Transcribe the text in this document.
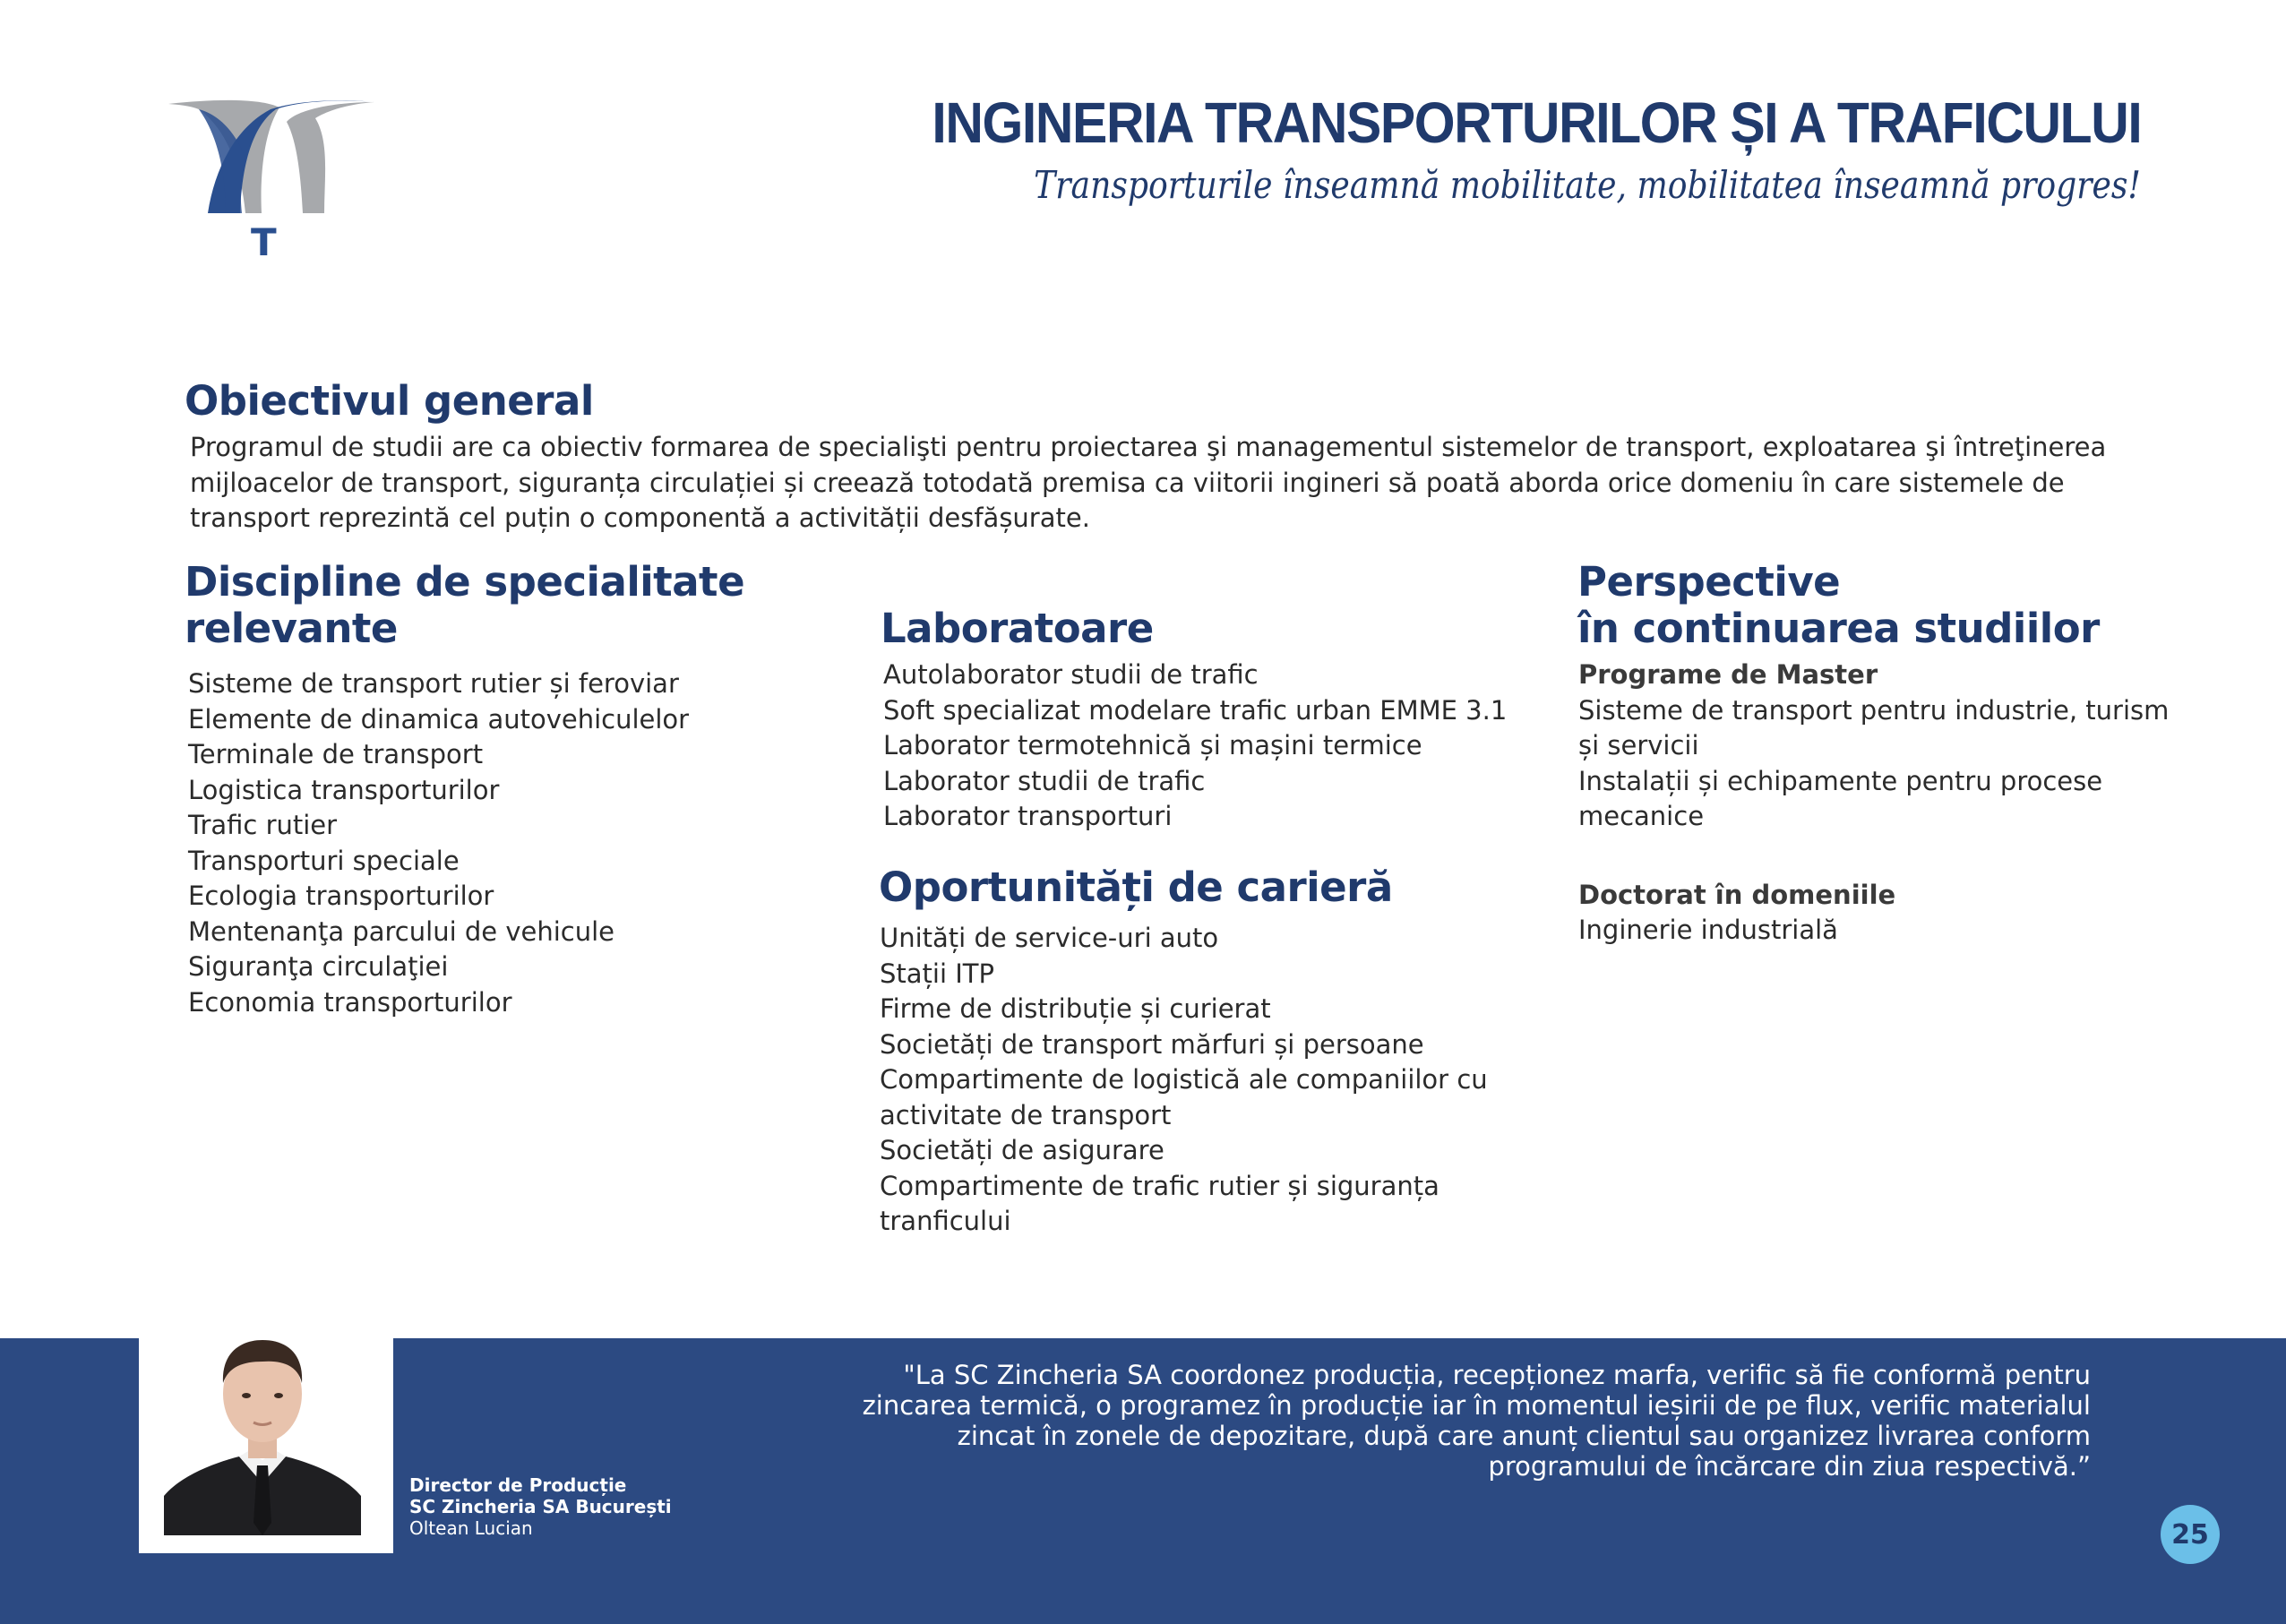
T
INGINERIA TRANSPORTURILOR ȘI A TRAFICULUI

Transporturile înseamnă mobilitate, mobilitatea înseamnă progres!

Obiectivul general

Programul de studii are ca obiectiv formarea de specialişti pentru proiectarea şi managementul sistemelor de transport, exploatarea şi întreţinerea mijloacelor de transport, siguranța circulației și creează totodată premisa ca viitorii ingineri să poată aborda orice domeniu în care sistemele de transport reprezintă cel puțin o componentă a activității desfășurate.

Discipline de specialitate relevante
Sisteme de transport rutier și feroviar
Elemente de dinamica autovehiculelor
Terminale de transport
Logistica transporturilor
Trafic rutier
Transporturi speciale
Ecologia transporturilor
Mentenanţa parcului de vehicule
Siguranţa circulaţiei
Economia transporturilor
Laboratoare
Autolaborator studii de trafic
Soft specializat modelare trafic urban EMME 3.1
Laborator termotehnică și mașini termice
Laborator studii de trafic
Laborator transporturi
Oportunități de carieră
Unități de service-uri auto
Stații ITP
Firme de distribuție și curierat
Societăți de transport mărfuri și persoane
Compartimente de logistică ale companiilor cu activitate de transport
Societăți de asigurare
Compartimente de trafic rutier și siguranța tranficului
Perspective
în continuarea studiilor
Programe de Master
Sisteme de transport pentru industrie, turism și servicii
Instalații și echipamente pentru procese mecanice
Doctorat în domeniile
Inginerie industrială
Director de Producție
SC Zincheria SA București
Oltean Lucian

"La SC Zincheria SA coordonez producția, recepționez marfa, verific să fie conformă pentru zincarea termică, o programez în producție iar în momentul ieșirii de pe flux, verific materialul zincat în zonele de depozitare, după care anunț clientul sau organizez livrarea conform programului de încărcare din ziua respectivă.”

25
